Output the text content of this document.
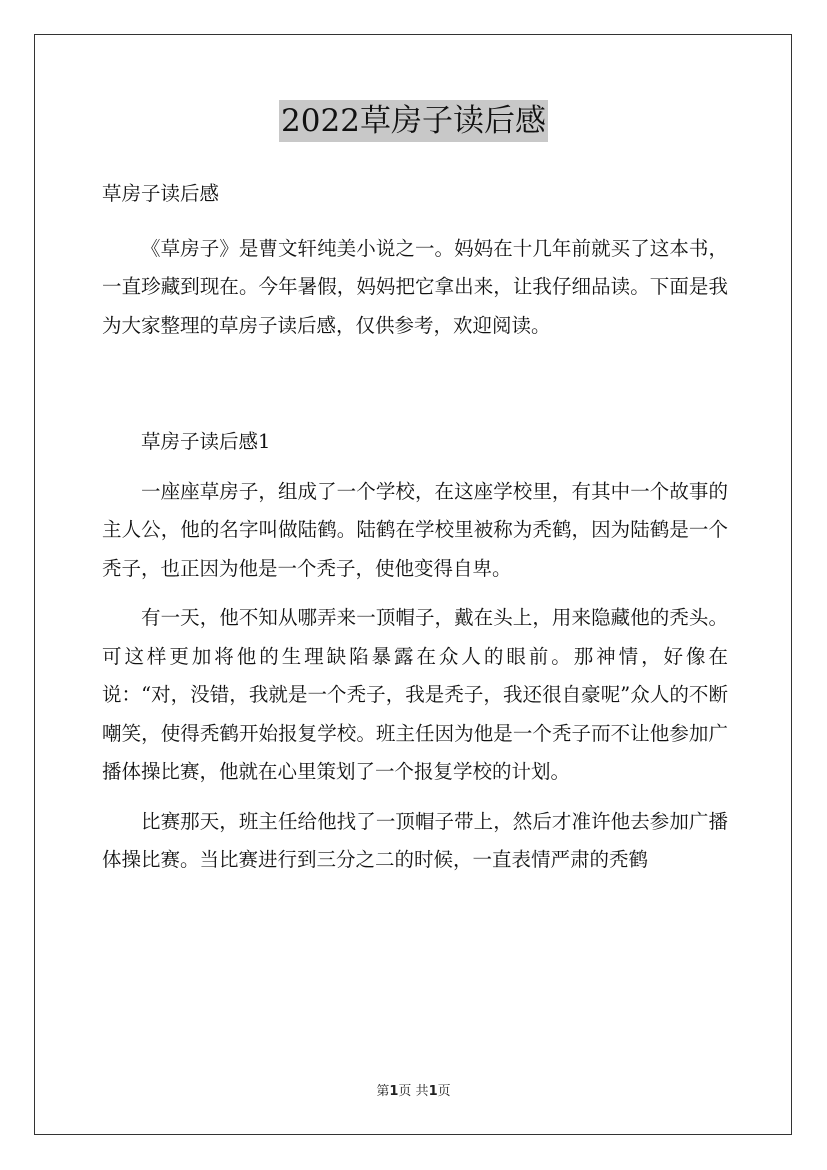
2022草房子读后感

草房子读后感

《草房子》是曹文轩纯美小说之一。妈妈在十几年前就买了这本书，一直珍藏到现在。今年暑假，妈妈把它拿出来，让我仔细品读。下面是我为大家整理的草房子读后感，仅供参考，欢迎阅读。

草房子读后感1

一座座草房子，组成了一个学校，在这座学校里，有其中一个故事的主人公，他的名字叫做陆鹤。陆鹤在学校里被称为秃鹤，因为陆鹤是一个秃子，也正因为他是一个秃子，使他变得自卑。

有一天，他不知从哪弄来一顶帽子，戴在头上，用来隐藏他的秃头。可这样更加将他的生理缺陷暴露在众人的眼前。那神情，好像在说：“对，没错，我就是一个秃子，我是秃子，我还很自豪呢”众人的不断嘲笑，使得秃鹤开始报复学校。班主任因为他是一个秃子而不让他参加广播体操比赛，他就在心里策划了一个报复学校的计划。

比赛那天，班主任给他找了一顶帽子带上，然后才准许他去参加广播体操比赛。当比赛进行到三分之二的时候，一直表情严肃的秃鹤

第1页 共1页
